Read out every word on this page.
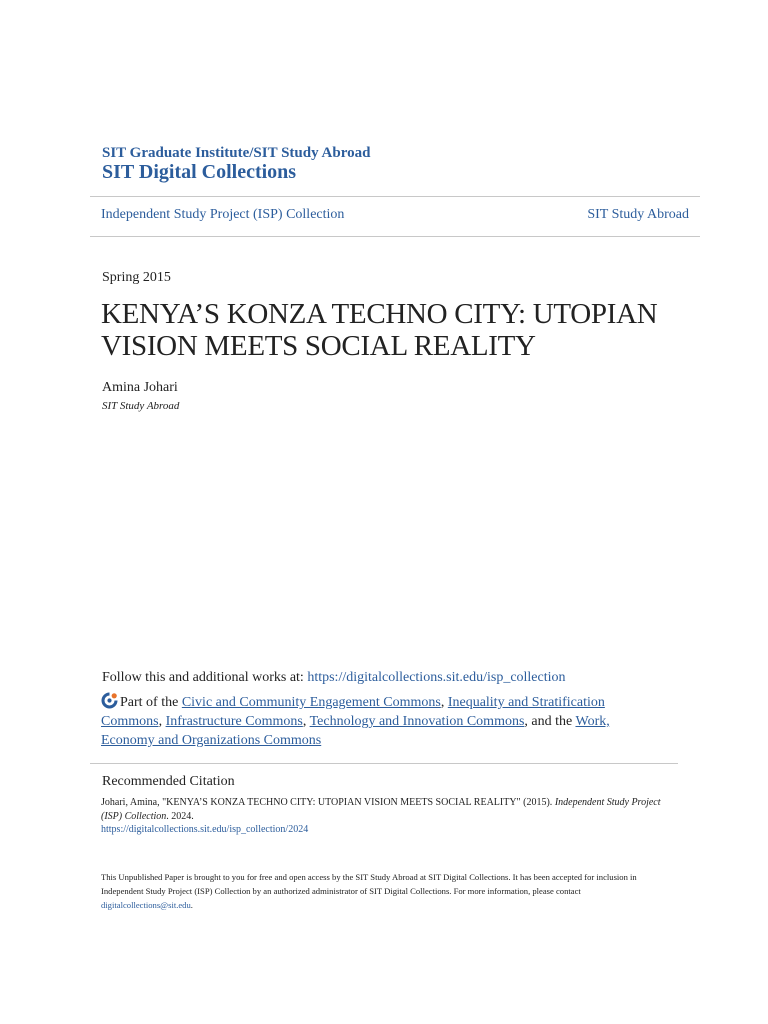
SIT Graduate Institute/SIT Study Abroad
SIT Digital Collections
Independent Study Project (ISP) Collection	SIT Study Abroad
Spring 2015
KENYA’S KONZA TECHNO CITY: UTOPIAN VISION MEETS SOCIAL REALITY
Amina Johari
SIT Study Abroad
Follow this and additional works at: https://digitalcollections.sit.edu/isp_collection
Part of the Civic and Community Engagement Commons, Inequality and Stratification Commons, Infrastructure Commons, Technology and Innovation Commons, and the Work, Economy and Organizations Commons
Recommended Citation
Johari, Amina, "KENYA’S KONZA TECHNO CITY: UTOPIAN VISION MEETS SOCIAL REALITY" (2015). Independent Study Project (ISP) Collection. 2024.
https://digitalcollections.sit.edu/isp_collection/2024
This Unpublished Paper is brought to you for free and open access by the SIT Study Abroad at SIT Digital Collections. It has been accepted for inclusion in Independent Study Project (ISP) Collection by an authorized administrator of SIT Digital Collections. For more information, please contact digitalcollections@sit.edu.
